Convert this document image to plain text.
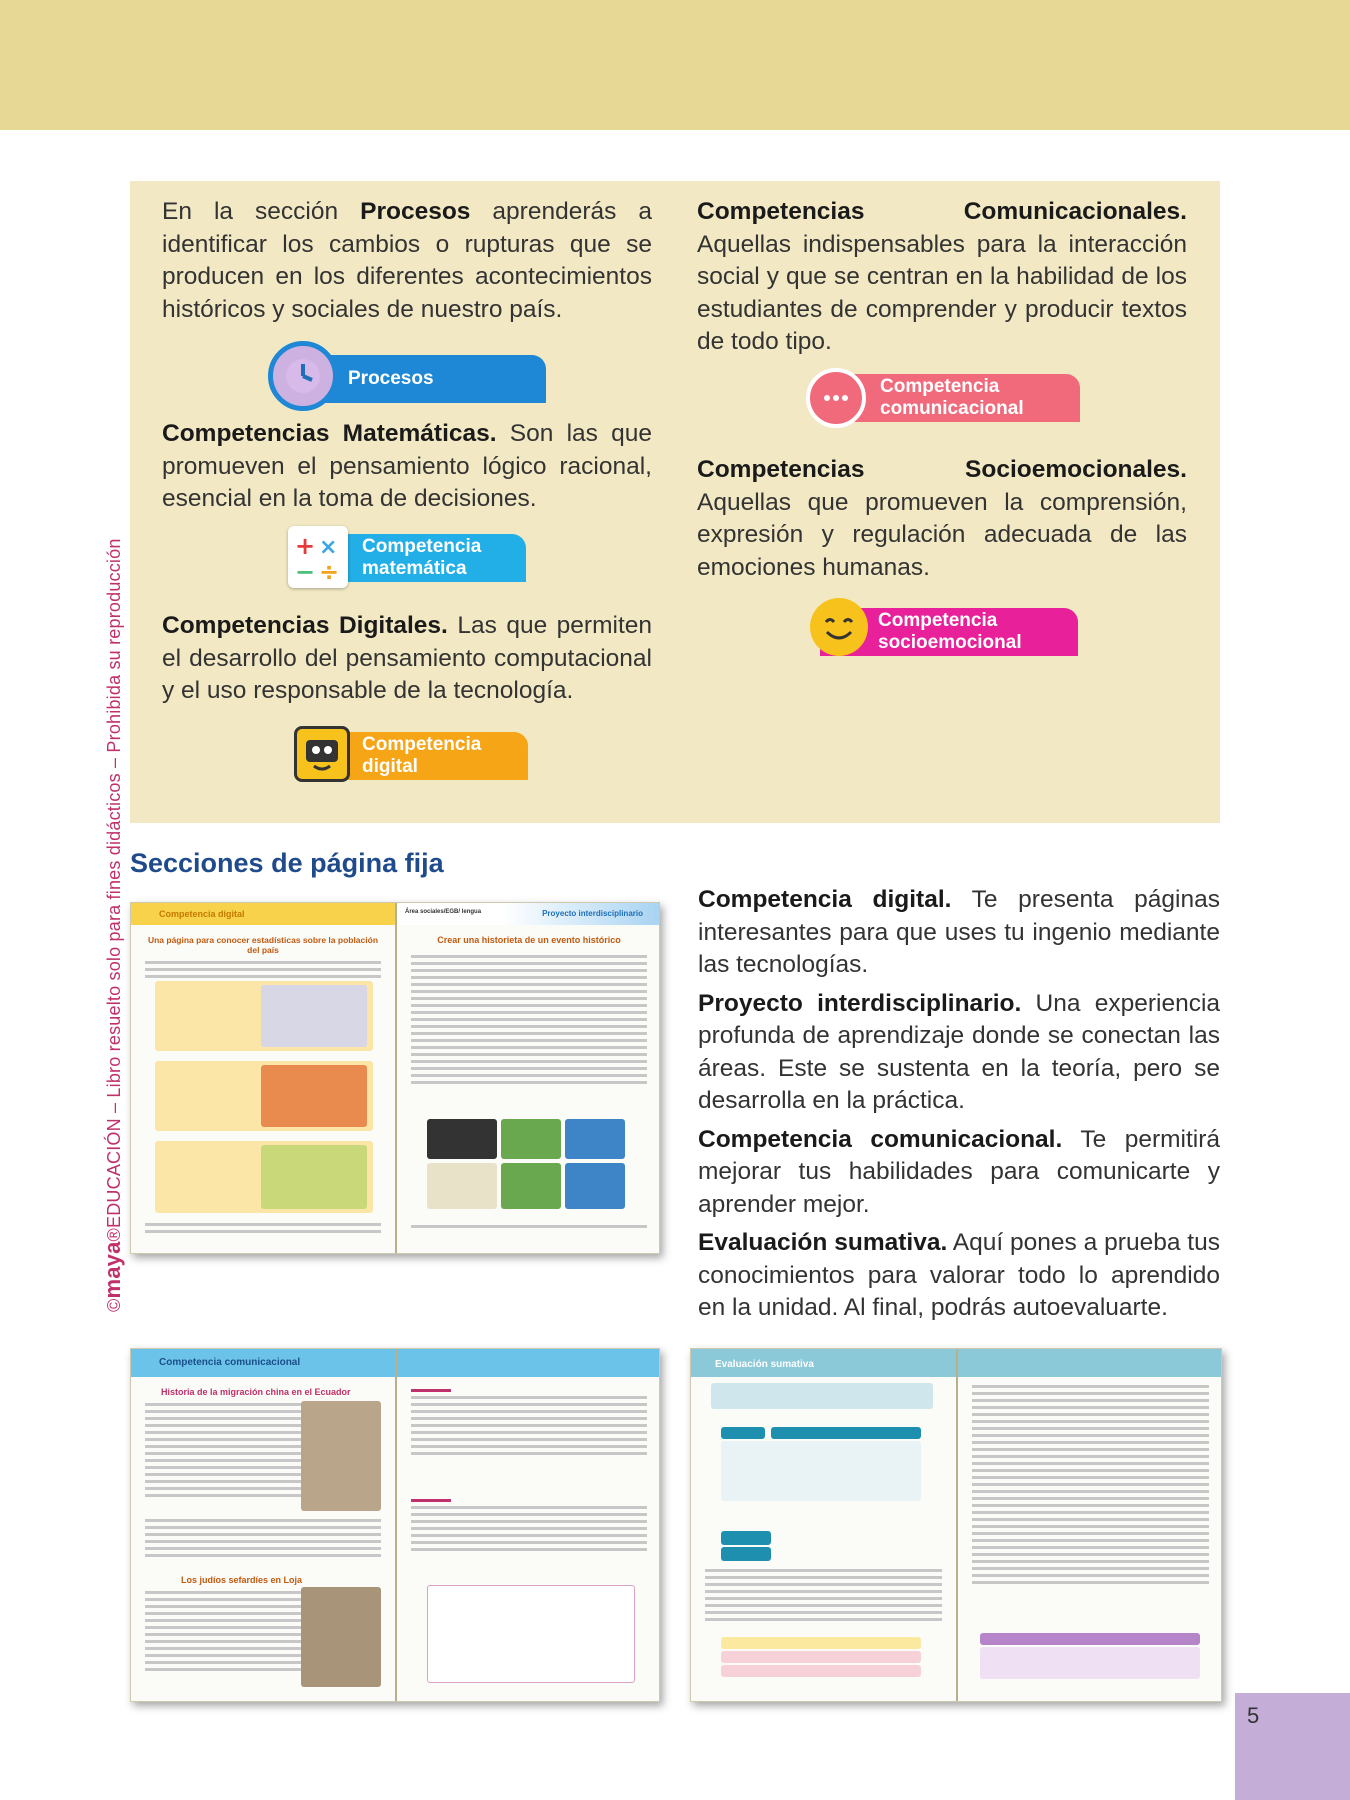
©maya®EDUCACIÓN – Libro resuelto solo para fines didácticos – Prohibida su reproducción

En la sección Procesos aprenderás a identificar los cambios o rupturas que se producen en los diferentes acontecimientos históricos y sociales de nuestro país.

Procesos

Competencias Matemáticas. Son las que promueven el pensamiento lógico racional, esencial en la toma de decisiones.

+ ×
− ÷
Competencia
matemática

Competencias Digitales. Las que permiten el desarrollo del pensamiento computacional y el uso responsable de la tecnología.

Competencia
digital

Competencias Comunicacionales. Aquellas indispensables para la interacción social y que se centran en la habilidad de los estudiantes de comprender y producir textos de todo tipo.

Competencia
comunicacional

Competencias Socioemocionales. Aquellas que promueven la comprensión, expresión y regulación adecuada de las emociones humanas.

Competencia
socioemocional
Secciones de página fija
Competencia digital
Una página para conocer estadísticas sobre la población del país
Área sociales/EGB/ lengua	Proyecto interdisciplinario
Crear una historieta de un evento histórico

Competencia digital. Te presenta páginas interesantes para que uses tu ingenio mediante las tecnologías.

Proyecto interdisciplinario. Una experiencia profunda de aprendizaje donde se conectan las áreas. Este se sustenta en la teoría, pero se desarrolla en la práctica.

Competencia comunicacional. Te permitirá mejorar tus habilidades para comunicarte y aprender mejor.

Evaluación sumativa. Aquí pones a prueba tus conocimientos para valorar todo lo aprendido en la unidad. Al final, podrás autoevaluarte.

Competencia comunicacional
Historia de la migración china en el Ecuador
Los judíos sefardíes en Loja
Evaluación sumativa
5
